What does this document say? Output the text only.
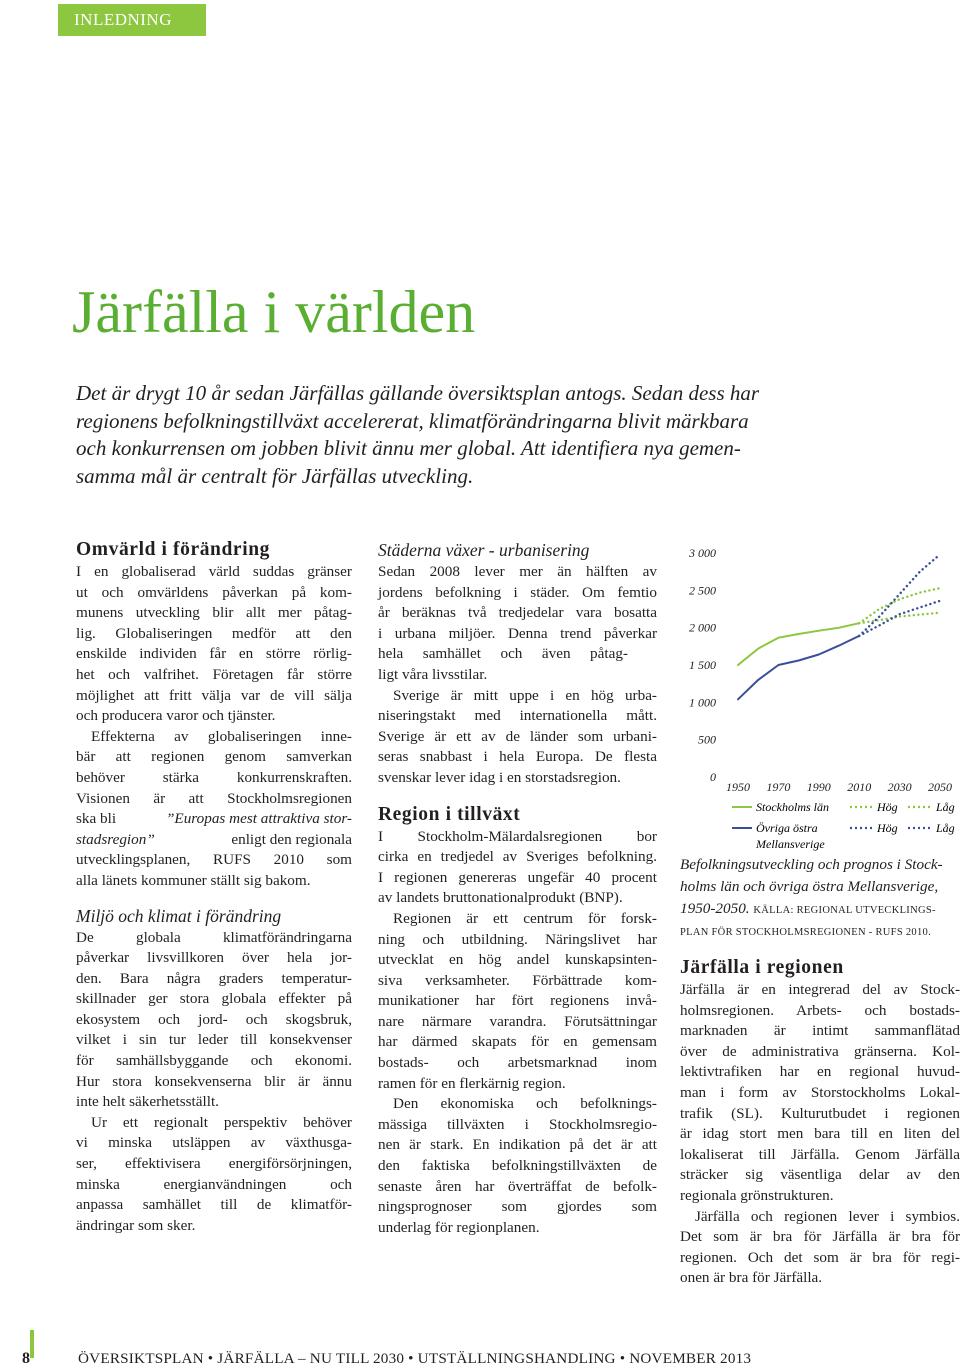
INLEDNING
Järfälla i världen
Det är drygt 10 år sedan Järfällas gällande översiktsplan antogs. Sedan dess har
regionens befolkningstillväxt accelererat, klimatförändringarna blivit märkbara
och konkurrensen om jobben blivit ännu mer global. Att identifiera nya gemen-
samma mål är centralt för Järfällas utveckling.
Omvärld i förändring
I en globaliserad värld suddas gränser
ut och omvärldens påverkan på kom-
munens utveckling blir allt mer påtag-
lig. Globaliseringen medför att den
enskilde individen får en större rörlig-
het och valfrihet. Företagen får större
möjlighet att fritt välja var de vill sälja
och producera varor och tjänster.
Effekterna av globaliseringen inne-
bär att regionen genom samverkan
behöver stärka konkurrenskraften.
Visionen är att Stockholmsregionen
ska bli	”Europas mest attraktiva stor-
stadsregion”	enligt den regionala
utvecklingsplanen, RUFS 2010 som
alla länets kommuner ställt sig bakom.
Miljö och klimat i förändring
De globala klimatförändringarna
påverkar livsvillkoren över hela jor-
den. Bara några graders temperatur-
skillnader ger stora globala effekter på
ekosystem och jord- och skogsbruk,
vilket i sin tur leder till konsekvenser
för samhällsbyggande och ekonomi.
Hur stora konsekvenserna blir är ännu
inte helt säkerhetsställt.
Ur ett regionalt perspektiv behöver
vi minska utsläppen av växthusga-
ser, effektivisera energiförsörjningen,
minska energianvändningen och
anpassa samhället till de klimatför-
ändringar som sker.
Städerna växer - urbanisering
Sedan 2008 lever mer än hälften av
jordens befolkning i städer. Om femtio
år beräknas två tredjedelar vara bosatta
i urbana miljöer. Denna trend påverkar
hela samhället och även påtag-
ligt våra livsstilar.
Sverige är mitt uppe i en hög urba-
niseringstakt med internationella mått.
Sverige är ett av de länder som urbani-
seras snabbast i hela Europa. De flesta
svenskar lever idag i en storstadsregion.
Region i tillväxt
I Stockholm-Mälardalsregionen bor
cirka en tredjedel av Sveriges befolkning.
I regionen genereras ungefär 40 procent
av landets bruttonationalprodukt (BNP).
Regionen är ett centrum för forsk-
ning och utbildning. Näringslivet har
utvecklat en hög andel kunskapsinten-
siva verksamheter. Förbättrade kom-
munikationer har fört regionens invå-
nare närmare varandra. Förutsättningar
har därmed skapats för en gemensam
bostads- och arbetsmarknad inom
ramen för en flerkärnig region.
Den ekonomiska och befolknings-
mässiga tillväxten i Stockholmsregio-
nen är stark. En indikation på det är att
den faktiska befolkningstillväxten de
senaste åren har överträffat de befolk-
ningsprognoser som gjordes som
underlag för regionplanen.
0
500
1 000
1 500
2 000
2 500
3 000
1950 1970 1990 2010 2030 2050
Stockholms län	Hög	Låg
Övriga östra
Mellansverige
Hög	Låg
Befolkningsutveckling och prognos i Stock-
holms län och övriga östra Mellansverige,
1950-2050. KÄLLA: REGIONAL UTVECKLINGS-
PLAN FÖR STOCKHOLMSREGIONEN - RUFS 2010.
Järfälla i regionen
Järfälla är en integrerad del av Stock-
holmsregionen. Arbets- och bostads-
marknaden är intimt sammanflätad
över de administrativa gränserna. Kol-
lektivtrafiken har en regional huvud-
man i form av Storstockholms Lokal-
trafik (SL). Kulturutbudet i regionen
är idag stort men bara till en liten del
lokaliserat till Järfälla. Genom Järfälla
sträcker sig väsentliga delar av den
regionala grönstrukturen.
Järfälla och regionen lever i symbios.
Det som är bra för Järfälla är bra för
regionen. Och det som är bra för regi-
onen är bra för Järfälla.
8	ÖVERSIKTSPLAN • JÄRFÄLLA – NU TILL 2030 • UTSTÄLLNINGSHANDLING • NOVEMBER 2013
